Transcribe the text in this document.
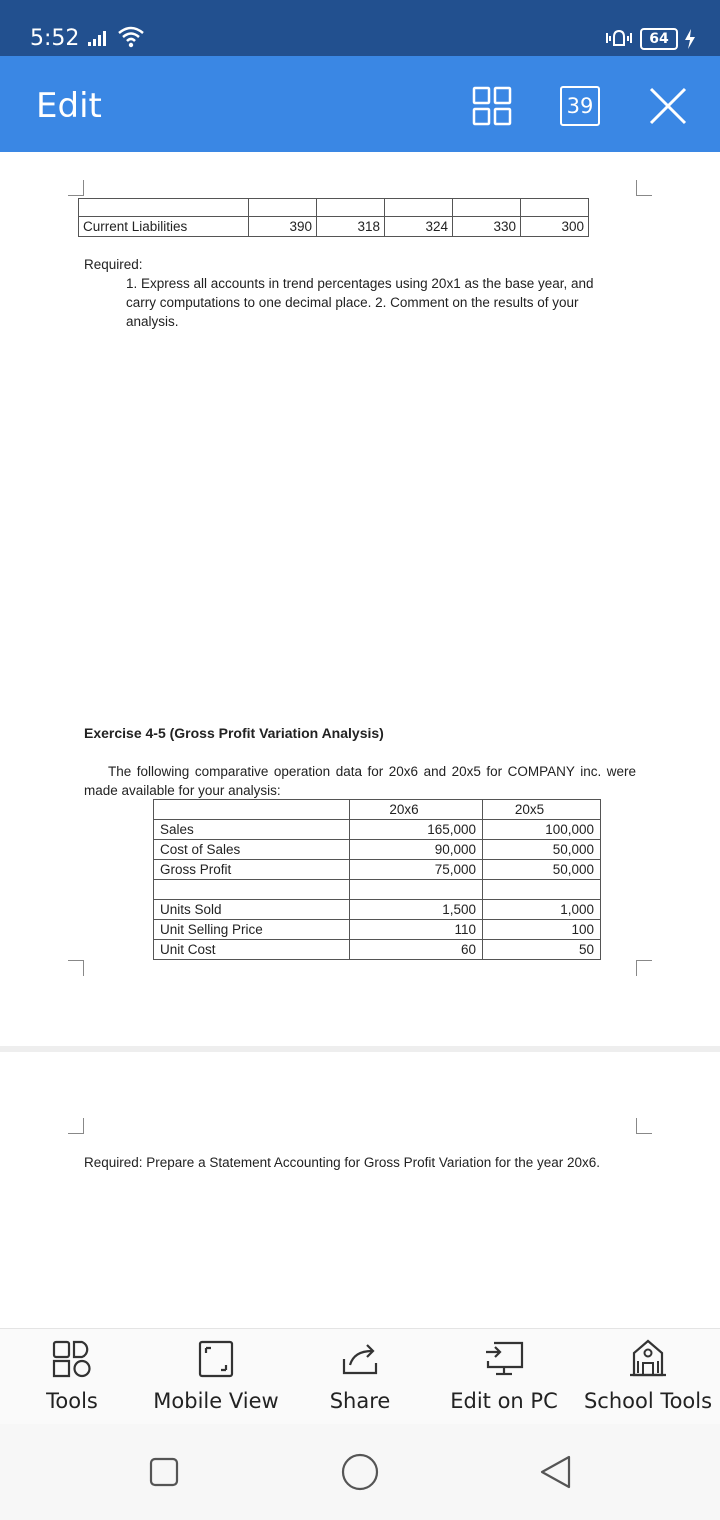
5:52	64
Edit	39

Current Liabilities	390	318	324	330	300
Required:
1. Express all accounts in trend percentages using 20x1 as the base year, and carry computations to one decimal place. 2. Comment on the results of your analysis.
Exercise 4-5 (Gross Profit Variation Analysis)
The following comparative operation data for 20x6 and 20x5 for COMPANY inc. were made available for your analysis:
	20x6	20x5
Sales	165,000	100,000
Cost of Sales	90,000	50,000
Gross Profit	75,000	50,000

Units Sold	1,500	1,000
Unit Selling Price	110	100
Unit Cost	60	50
Required: Prepare a Statement Accounting for Gross Profit Variation for the year 20x6.
Tools	Mobile View	Share	Edit on PC School Tools
